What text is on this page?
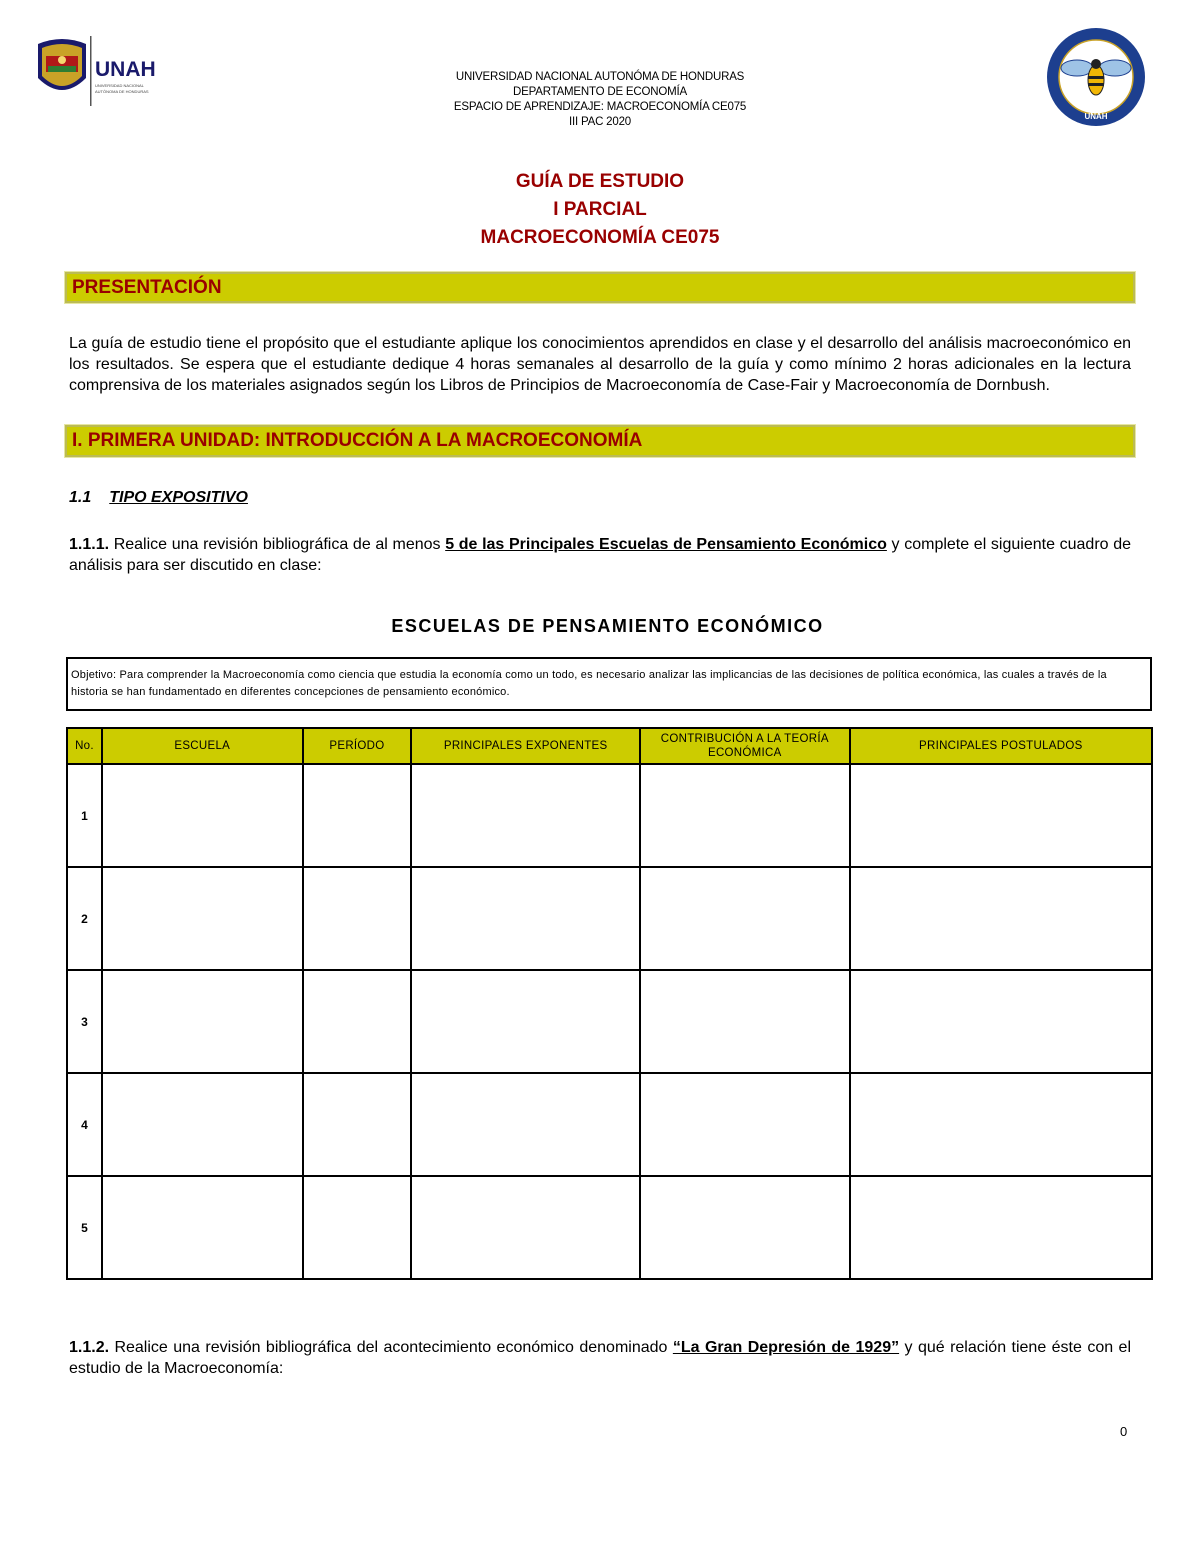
UNAH
UNIVERSIDAD NACIONAL
AUTÓNOMA DE HONDURAS
UNIVERSIDAD NACIONAL AUTONÓMA DE HONDURAS
DEPARTAMENTO DE ECONOMÍA
ESPACIO DE APRENDIZAJE: MACROECONOMÍA CE075
III PAC 2020	UNAH
GUÍA DE ESTUDIO
I PARCIAL
MACROECONOMÍA CE075
PRESENTACIÓN
La guía de estudio tiene el propósito que el estudiante aplique los conocimientos aprendidos en clase y el desarrollo del análisis macroeconómico en los resultados. Se espera que el estudiante dedique 4 horas semanales al desarrollo de la guía y como mínimo 2 horas adicionales en la lectura comprensiva de los materiales asignados según los Libros de Principios de Macroeconomía de Case-Fair y Macroeconomía de Dornbush.
I. PRIMERA UNIDAD: INTRODUCCIÓN A LA MACROECONOMÍA
1.1 TIPO EXPOSITIVO
1.1.1. Realice una revisión bibliográfica de al menos 5 de las Principales Escuelas de Pensamiento Económico y complete el siguiente cuadro de análisis para ser discutido en clase:
ESCUELAS DE PENSAMIENTO ECONÓMICO
Objetivo: Para comprender la Macroeconomía como ciencia que estudia la economía como un todo, es necesario analizar las implicancias de las decisiones de política económica, las cuales a través de la historia se han fundamentado en diferentes concepciones de pensamiento económico.
No.	ESCUELA	PERÍODO	PRINCIPALES EXPONENTES	CONTRIBUCIÓN A LA TEORÍA ECONÓMICA	PRINCIPALES POSTULADOS
1					
2					
3					
4					
5					
1.1.2. Realice una revisión bibliográfica del acontecimiento económico denominado “La Gran Depresión de 1929” y qué relación tiene éste con el estudio de la Macroeconomía:
0
